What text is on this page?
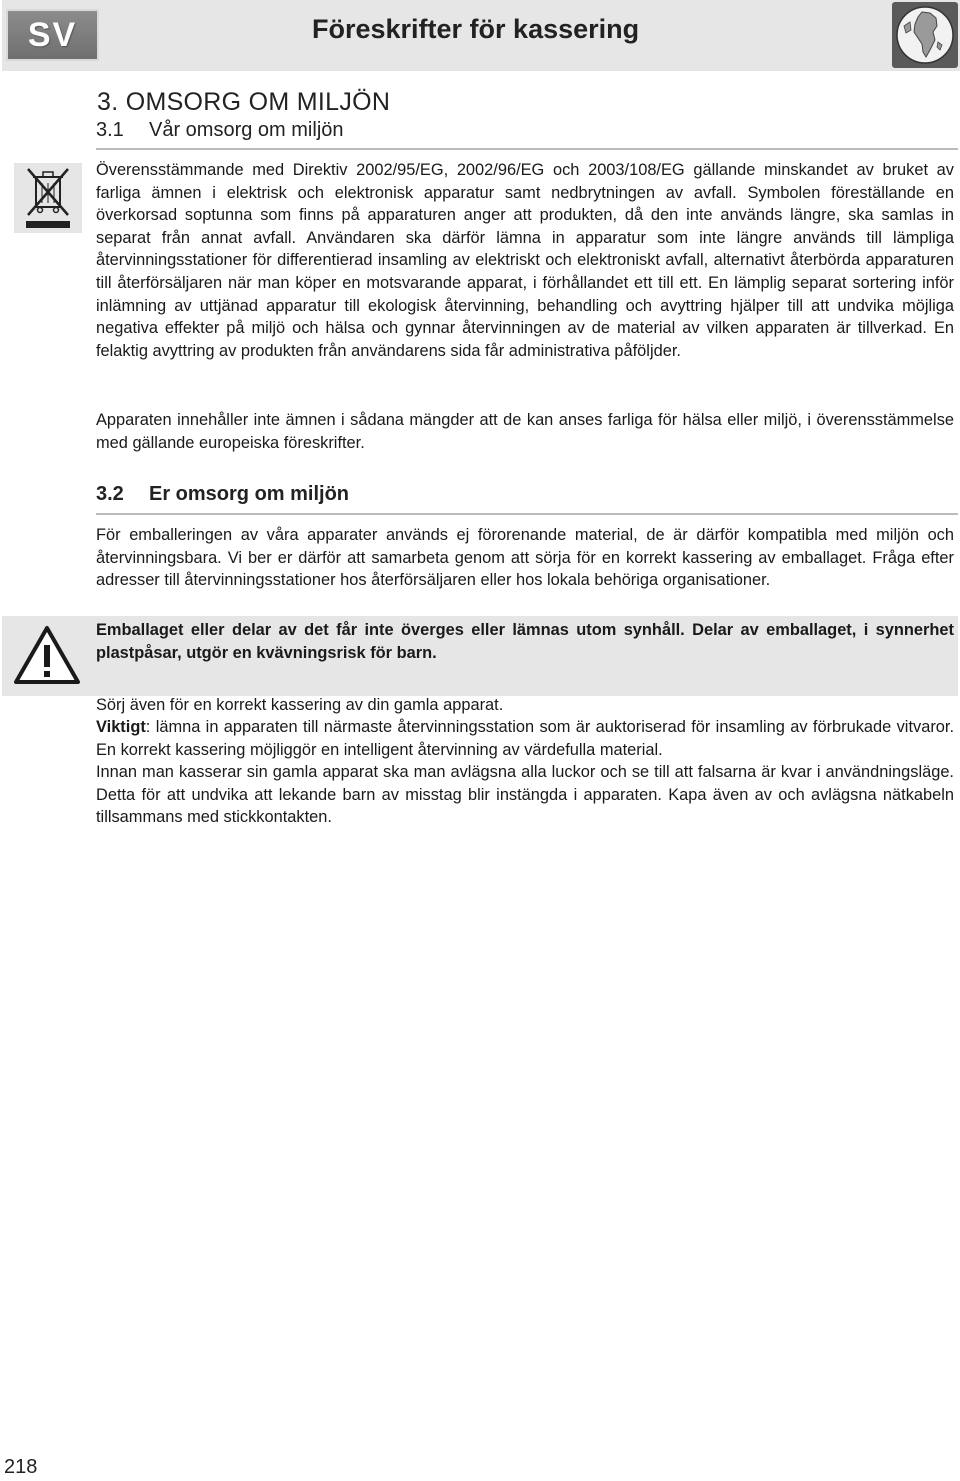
SV	Föreskrifter för kassering
3. OMSORG OM MILJÖN
3.1 Vår omsorg om miljön

Överensstämmande med Direktiv 2002/95/EG, 2002/96/EG och 2003/108/EG gällande minskandet av bruket av farliga ämnen i elektrisk och elektronisk apparatur samt nedbrytningen av avfall. Symbolen föreställande en överkorsad soptunna som finns på apparaturen anger att produkten, då den inte används längre, ska samlas in separat från annat avfall. Användaren ska därför lämna in apparatur som inte längre används till lämpliga återvinningsstationer för differentierad insamling av elektriskt och elektroniskt avfall, alternativt återbörda apparaturen till återförsäljaren när man köper en motsvarande apparat, i förhållandet ett till ett. En lämplig separat sortering inför inlämning av uttjänad apparatur till ekologisk återvinning, behandling och avyttring hjälper till att undvika möjliga negativa effekter på miljö och hälsa och gynnar återvinningen av de material av vilken apparaten är tillverkad. En felaktig avyttring av produkten från användarens sida får administrativa påföljder.

Apparaten innehåller inte ämnen i sådana mängder att de kan anses farliga för hälsa eller miljö, i överensstämmelse med gällande europeiska föreskrifter.

3.2 Er omsorg om miljön

För emballeringen av våra apparater används ej förorenande material, de är därför kompatibla med miljön och återvinningsbara. Vi ber er därför att samarbeta genom att sörja för en korrekt kassering av emballaget. Fråga efter adresser till återvinningsstationer hos återförsäljaren eller hos lokala behöriga organisationer.

Emballaget eller delar av det får inte överges eller lämnas utom synhåll. Delar av emballaget, i synnerhet plastpåsar, utgör en kvävningsrisk för barn.

Sörj även för en korrekt kassering av din gamla apparat.

Viktigt: lämna in apparaten till närmaste återvinningsstation som är auktoriserad för insamling av förbrukade vitvaror. En korrekt kassering möjliggör en intelligent återvinning av värdefulla material.

Innan man kasserar sin gamla apparat ska man avlägsna alla luckor och se till att falsarna är kvar i användningsläge. Detta för att undvika att lekande barn av misstag blir instängda i apparaten. Kapa även av och avlägsna nätkabeln tillsammans med stickkontakten.

218
